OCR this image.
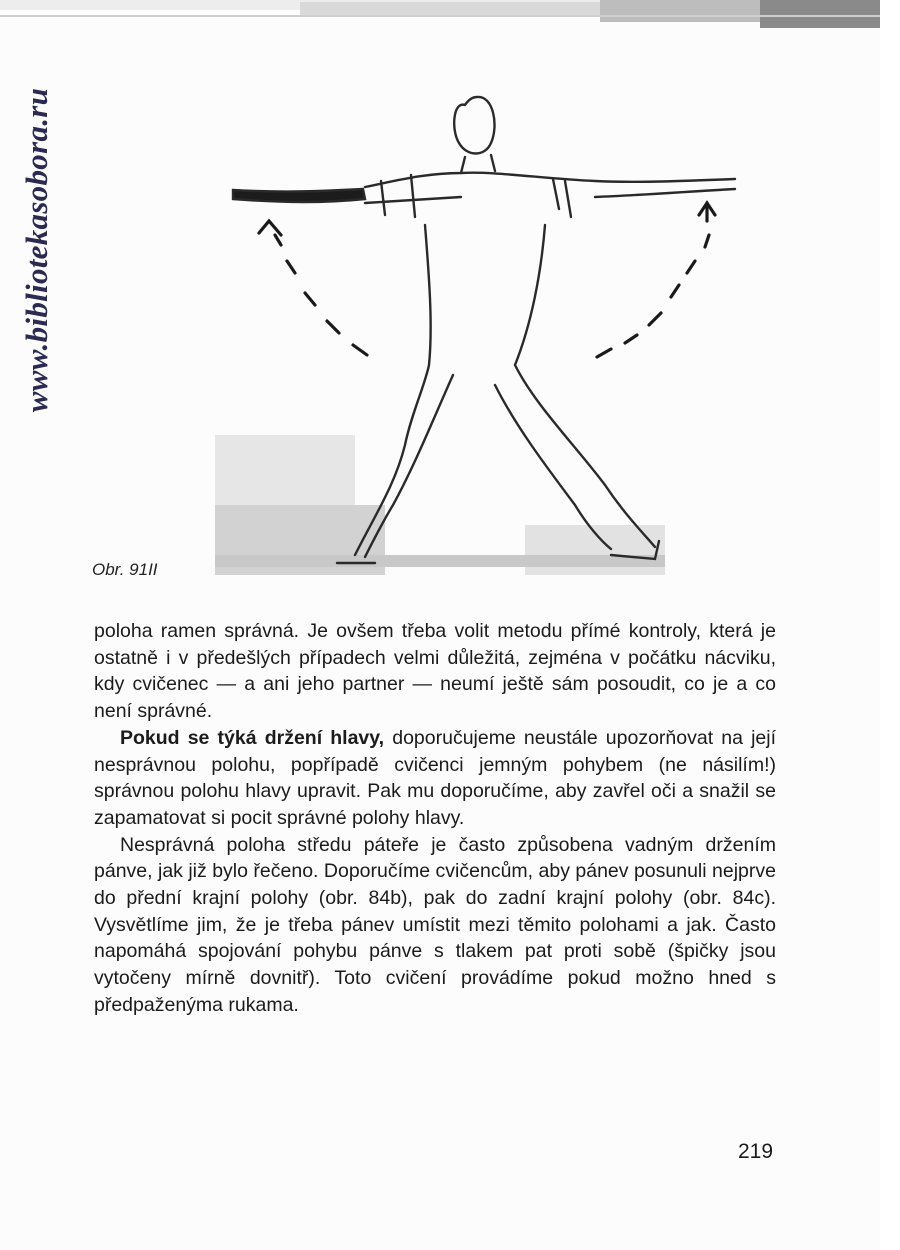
www.bibliotekasobora.ru
Obr. 91II

poloha ramen správná. Je ovšem třeba volit metodu přímé kontroly, která je ostatně i v předešlých případech velmi důležitá, zejména v počátku nácviku, kdy cvičenec — a ani jeho partner — neumí ještě sám posoudit, co je a co není správné.

Pokud se týká držení hlavy, doporučujeme neustále upozorňovat na její nesprávnou polohu, popřípadě cvičenci jemným pohybem (ne násilím!) správnou polohu hlavy upravit. Pak mu doporučíme, aby zavřel oči a snažil se zapamatovat si pocit správné polohy hlavy.

Nesprávná poloha středu páteře je často způsobena vadným držením pánve, jak již bylo řečeno. Doporučíme cvičencům, aby pánev posunuli nejprve do přední krajní polohy (obr. 84b), pak do zadní krajní polohy (obr. 84c). Vysvětlíme jim, že je třeba pánev umístit mezi těmito polohami a jak. Často napomáhá spojování pohybu pánve s tlakem pat proti sobě (špičky jsou vytočeny mírně dovnitř). Toto cvičení provádíme pokud možno hned s předpažen​ýma rukama.

219
